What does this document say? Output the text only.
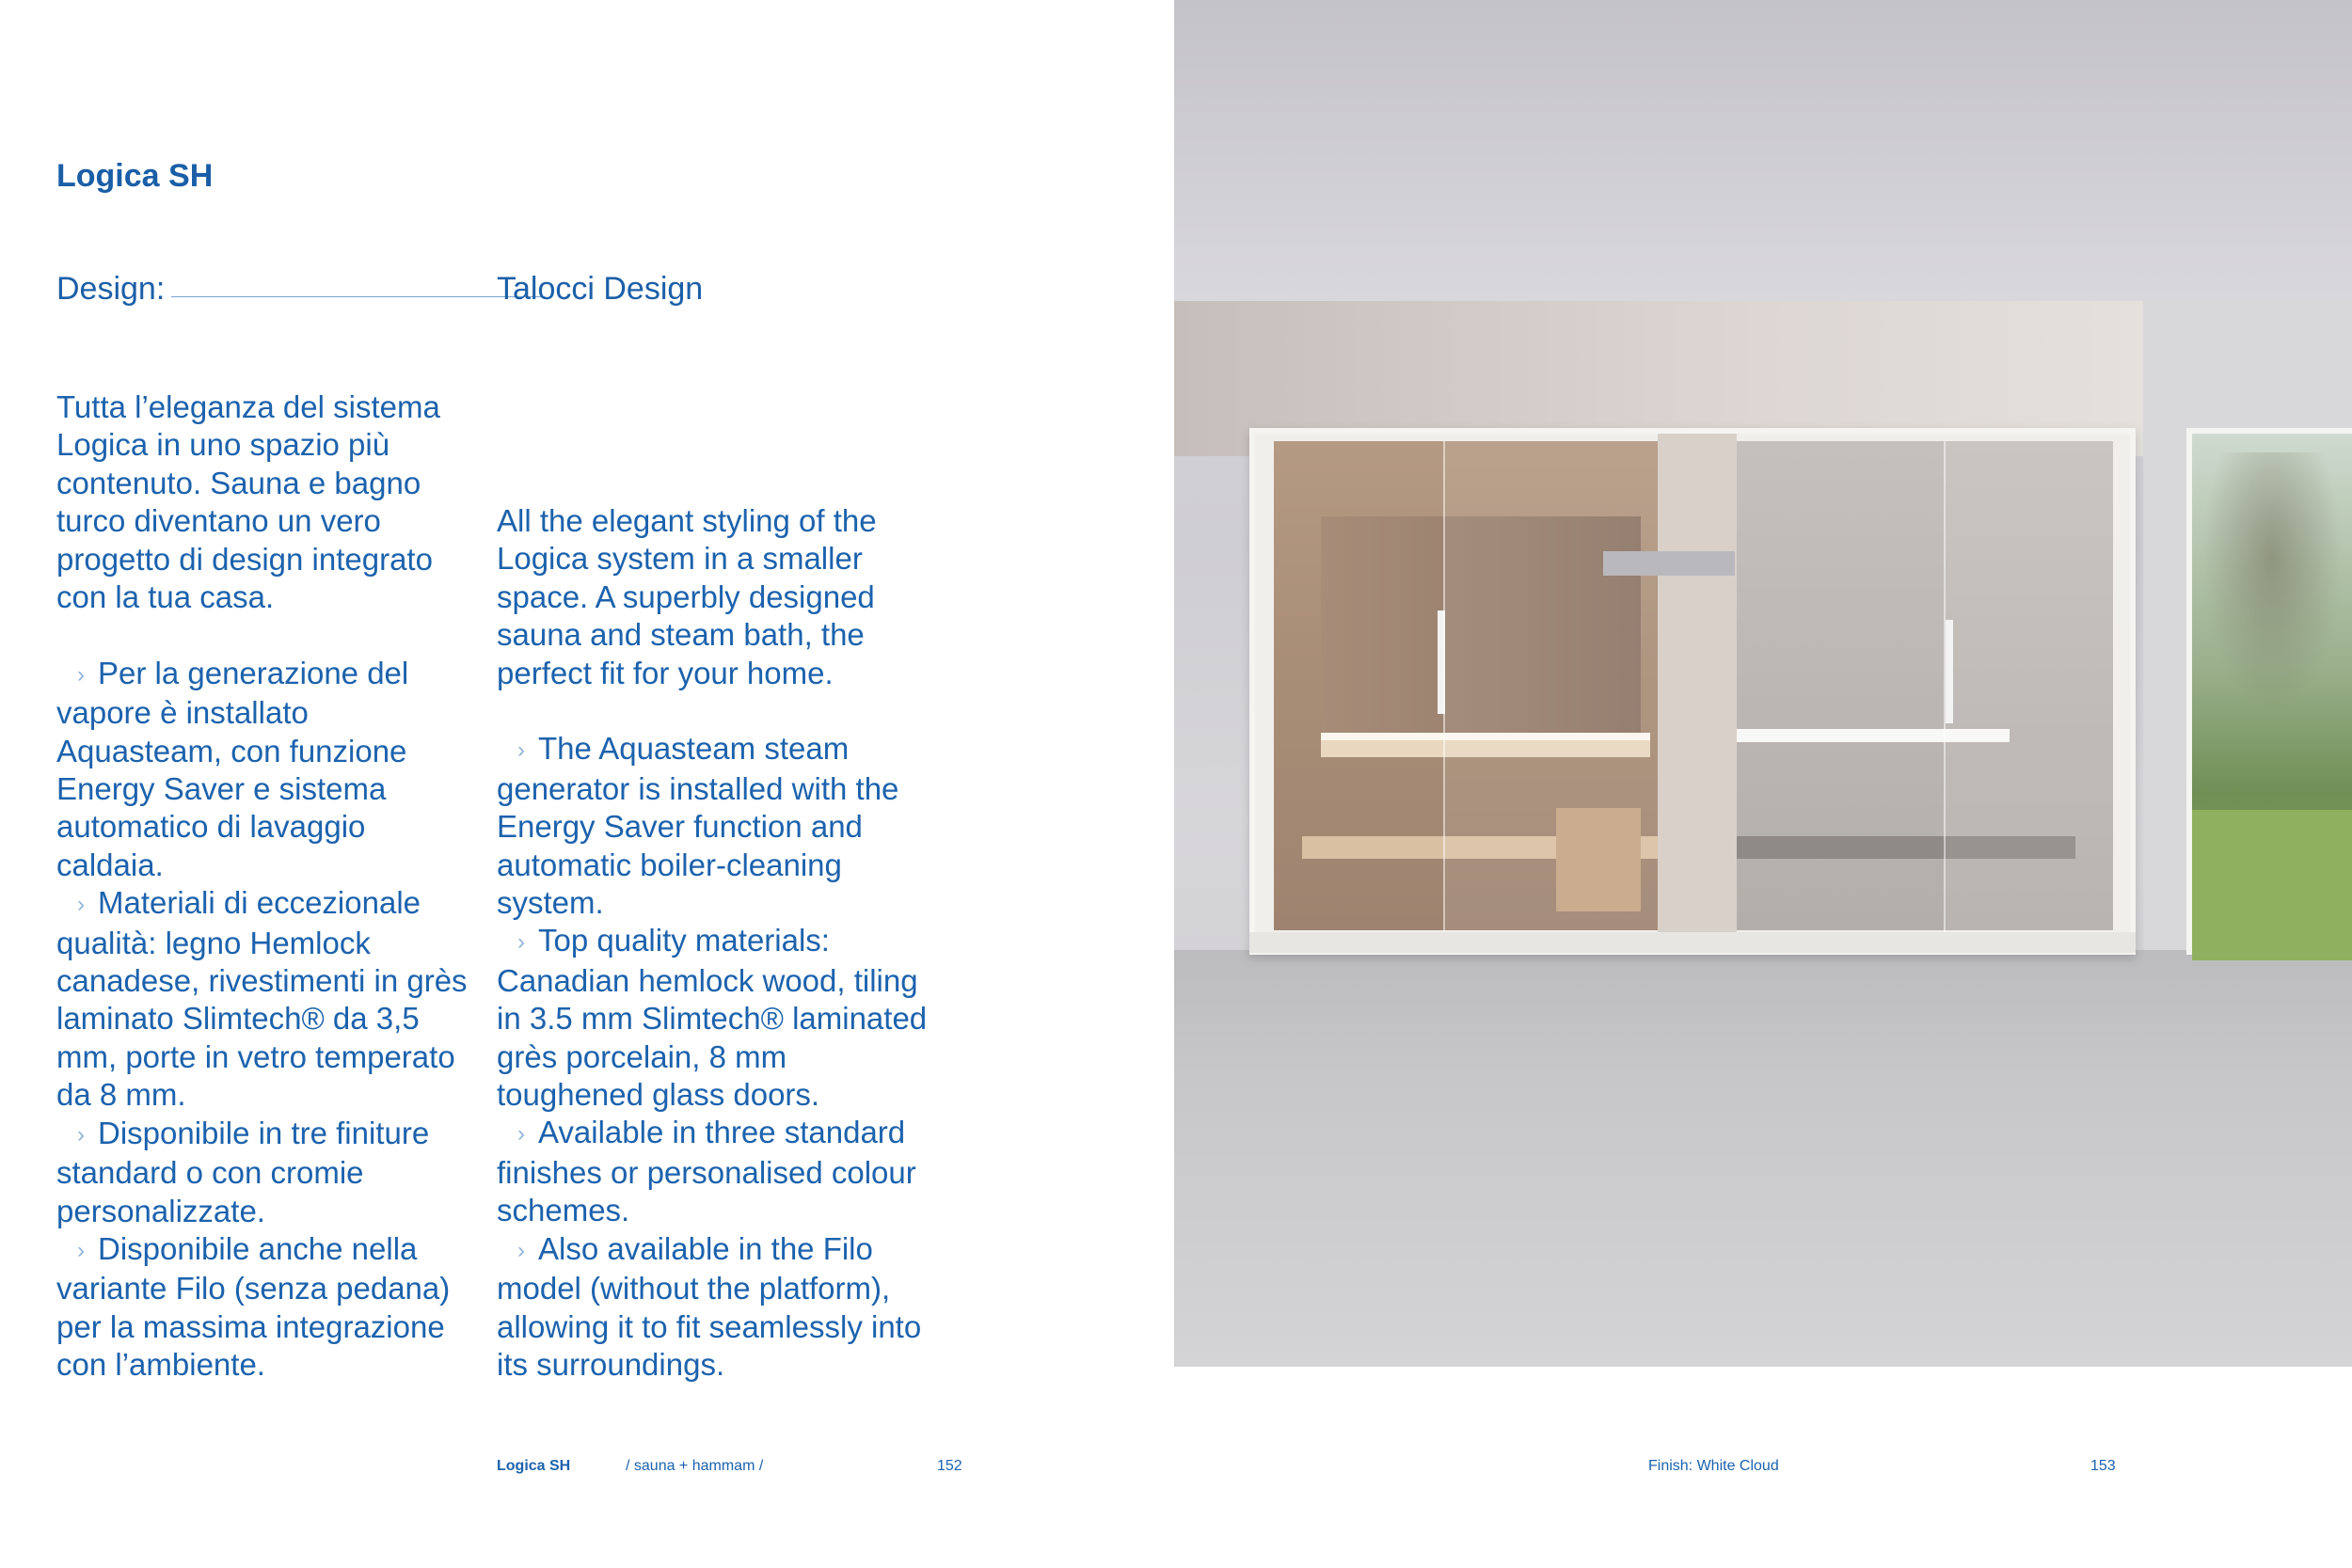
Logica SH
Design:	Talocci Design

Tutta l’eleganza del sistema Logica in uno spazio più contenuto. Sauna e bagno turco diventano un vero progetto di design integrato con la tua casa.

› Per la generazione del vapore è installato Aquasteam, con funzione Energy Saver e sistema automatico di lavaggio caldaia.

› Materiali di eccezionale qualità: legno Hemlock canadese, rivestimenti in grès laminato Slimtech® da 3,5 mm, porte in vetro temperato da 8 mm.

› Disponibile in tre finiture standard o con cromie personalizzate.

› Disponibile anche nella variante Filo (senza pedana) per la massima integrazione con l’ambiente.

All the elegant styling of the Logica system in a smaller space. A superbly designed sauna and steam bath, the perfect fit for your home.

› The Aquasteam steam generator is installed with the Energy Saver function and automatic boiler-cleaning system.

› Top quality materials: Canadian hemlock wood, tiling in 3.5 mm Slimtech® laminated grès porcelain, 8 mm toughened glass doors.

› Available in three standard finishes or personalised colour schemes.

› Also available in the Filo model (without the platform), allowing it to fit seamlessly into its surroundings.

Logica SH	/ sauna + hammam /	152	Finish: White Cloud	153
